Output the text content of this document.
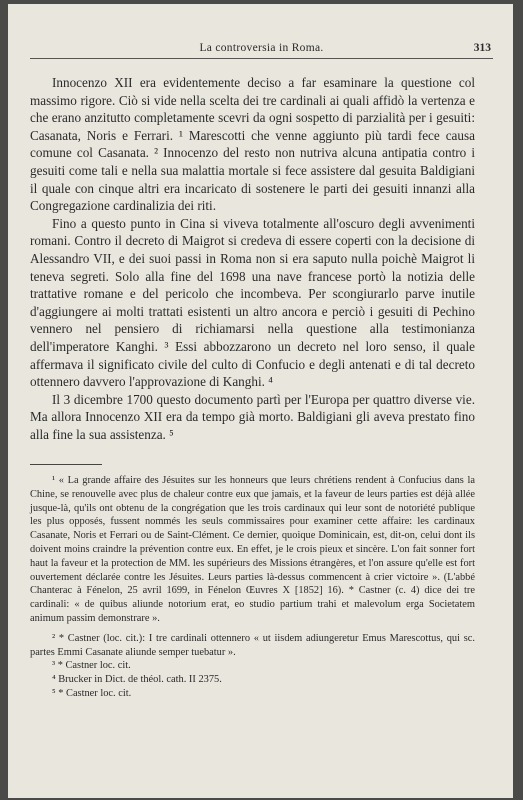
La controversia in Roma.	313

Innocenzo XII era evidentemente deciso a far esaminare la questione col massimo rigore. Ciò si vide nella scelta dei tre cardinali ai quali affidò la vertenza e che erano anzitutto completamente scevri da ogni sospetto di parzialità per i gesuiti: Casanata, Noris e Ferrari. ¹ Marescotti che venne aggiunto più tardi fece causa comune col Casanata. ² Innocenzo del resto non nutriva alcuna antipatia contro i gesuiti come tali e nella sua malattia mortale si fece assistere dal gesuita Baldigiani il quale con cinque altri era incaricato di sostenere le parti dei gesuiti innanzi alla Congregazione cardinalizia dei riti.

Fino a questo punto in Cina si viveva totalmente all'oscuro degli avvenimenti romani. Contro il decreto di Maigrot si credeva di essere coperti con la decisione di Alessandro VII, e dei suoi passi in Roma non si era saputo nulla poichè Maigrot li teneva segreti. Solo alla fine del 1698 una nave francese portò la notizia delle trattative romane e del pericolo che incombeva. Per scongiurarlo parve inutile d'aggiungere ai molti trattati esistenti un altro ancora e perciò i gesuiti di Pechino vennero nel pensiero di richiamarsi nella questione alla testimonianza dell'imperatore Kanghi. ³ Essi abbozzarono un decreto nel loro senso, il quale affermava il significato civile del culto di Confucio e degli antenati e di tal decreto ottennero davvero l'approvazione di Kanghi. ⁴

Il 3 dicembre 1700 questo documento partì per l'Europa per quattro diverse vie. Ma allora Innocenzo XII era da tempo già morto. Baldigiani gli aveva prestato fino alla fine la sua assistenza. ⁵

¹ « La grande affaire des Jésuites sur les honneurs que leurs chrétiens rendent à Confucius dans la Chine, se renouvelle avec plus de chaleur contre eux que jamais, et la faveur de leurs parties est déjà allée jusque-là, qu'ils ont obtenu de la congrégation que les trois cardinaux qui leur sont de notoriété publique les plus opposés, fussent nommés les seuls commissaires pour examiner cette affaire: les cardinaux Casanate, Noris et Ferrari ou de Saint-Clément. Ce dernier, quoique Dominicain, est, dit-on, celui dont ils doivent moins craindre la prévention contre eux. En effet, je le crois pieux et sincère. L'on fait sonner fort haut la faveur et la protection de MM. les supérieurs des Missions étrangères, et l'on assure qu'elle est fort ouvertement déclarée contre les Jésuites. Leurs parties là-dessus commencent à crier victoire ». (L'abbé Chanterac à Fénelon, 25 avril 1699, in Fénelon Œuvres X [1852] 16). * Castner (c. 4) dice dei tre cardinali: « de quibus aliunde notorium erat, eo studio partium trahi et malevolum erga Societatem animum passim demonstrare ».

² * Castner (loc. cit.): I tre cardinali ottennero « ut iisdem adiungeretur Emus Marescottus, qui sc. partes Emmi Casanate aliunde semper tuebatur ».

³ * Castner loc. cit.

⁴ Brucker in Dict. de théol. cath. II 2375.

⁵ * Castner loc. cit.
